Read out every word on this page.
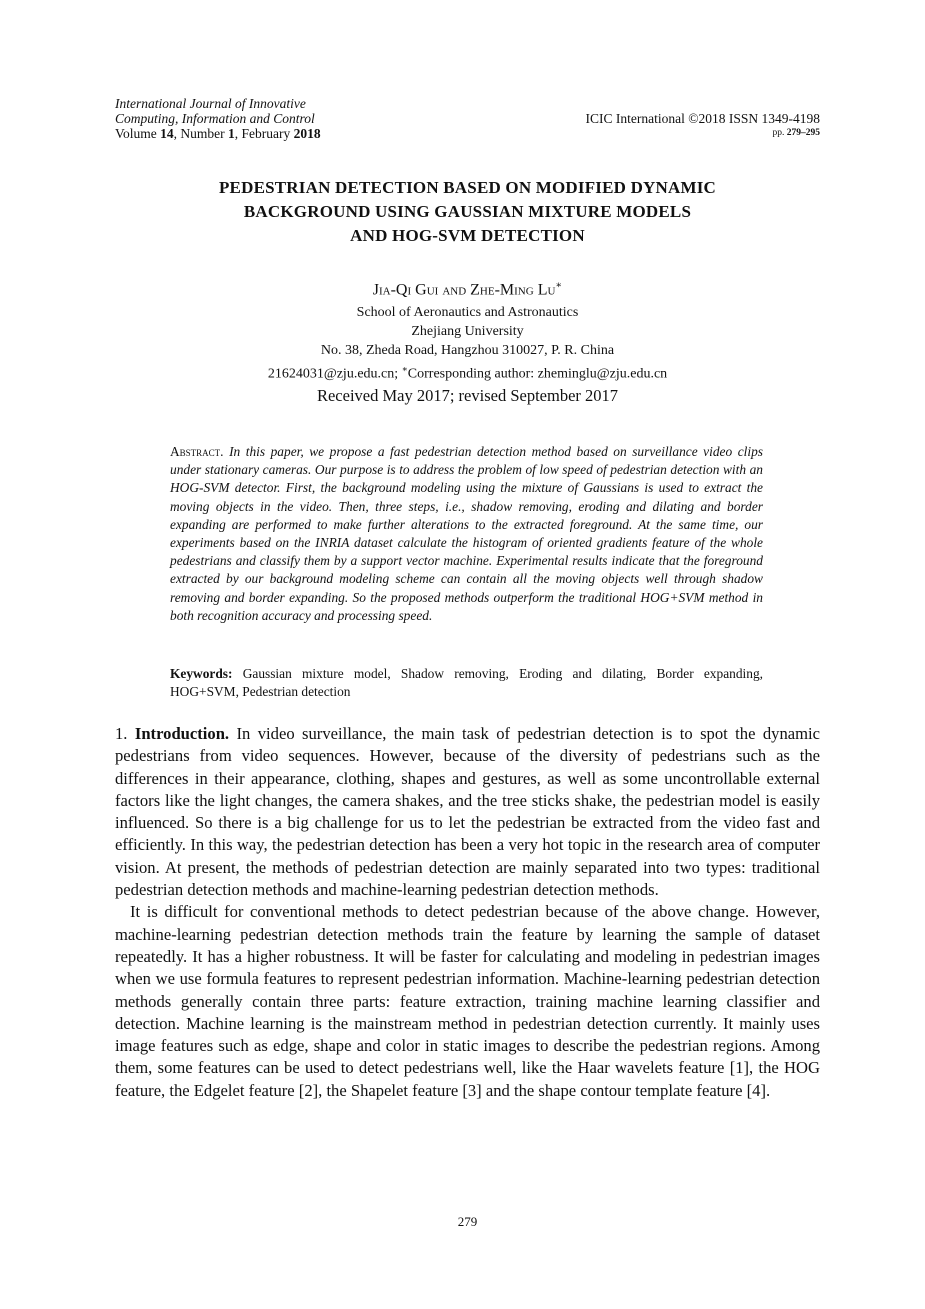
International Journal of Innovative
Computing, Information and Control
Volume 14, Number 1, February 2018
ICIC International ©2018 ISSN 1349-4198
pp. 279–295
PEDESTRIAN DETECTION BASED ON MODIFIED DYNAMIC
BACKGROUND USING GAUSSIAN MIXTURE MODELS
AND HOG-SVM DETECTION
Jia-Qi Gui and Zhe-Ming Lu∗
School of Aeronautics and Astronautics
Zhejiang University
No. 38, Zheda Road, Hangzhou 310027, P. R. China
21624031@zju.edu.cn; ∗Corresponding author: zheminglu@zju.edu.cn
Received May 2017; revised September 2017
Abstract. In this paper, we propose a fast pedestrian detection method based on surveillance video clips under stationary cameras. Our purpose is to address the problem of low speed of pedestrian detection with an HOG-SVM detector. First, the background modeling using the mixture of Gaussians is used to extract the moving objects in the video. Then, three steps, i.e., shadow removing, eroding and dilating and border expanding are performed to make further alterations to the extracted foreground. At the same time, our experiments based on the INRIA dataset calculate the histogram of oriented gradients feature of the whole pedestrians and classify them by a support vector machine. Experimental results indicate that the foreground extracted by our background modeling scheme can contain all the moving objects well through shadow removing and border expanding. So the proposed methods outperform the traditional HOG+SVM method in both recognition accuracy and processing speed.
Keywords: Gaussian mixture model, Shadow removing, Eroding and dilating, Border expanding, HOG+SVM, Pedestrian detection

1. Introduction. In video surveillance, the main task of pedestrian detection is to spot the dynamic pedestrians from video sequences. However, because of the diversity of pedestrians such as the differences in their appearance, clothing, shapes and gestures, as well as some uncontrollable external factors like the light changes, the camera shakes, and the tree sticks shake, the pedestrian model is easily influenced. So there is a big challenge for us to let the pedestrian be extracted from the video fast and efficiently. In this way, the pedestrian detection has been a very hot topic in the research area of computer vision. At present, the methods of pedestrian detection are mainly separated into two types: traditional pedestrian detection methods and machine-learning pedestrian detection methods.

It is difficult for conventional methods to detect pedestrian because of the above change. However, machine-learning pedestrian detection methods train the feature by learning the sample of dataset repeatedly. It has a higher robustness. It will be faster for calculating and modeling in pedestrian images when we use formula features to represent pedestrian information. Machine-learning pedestrian detection methods generally contain three parts: feature extraction, training machine learning classifier and detection. Machine learning is the mainstream method in pedestrian detection currently. It mainly uses image features such as edge, shape and color in static images to describe the pedestrian regions. Among them, some features can be used to detect pedestrians well, like the Haar wavelets feature [1], the HOG feature, the Edgelet feature [2], the Shapelet feature [3] and the shape contour template feature [4].

279
